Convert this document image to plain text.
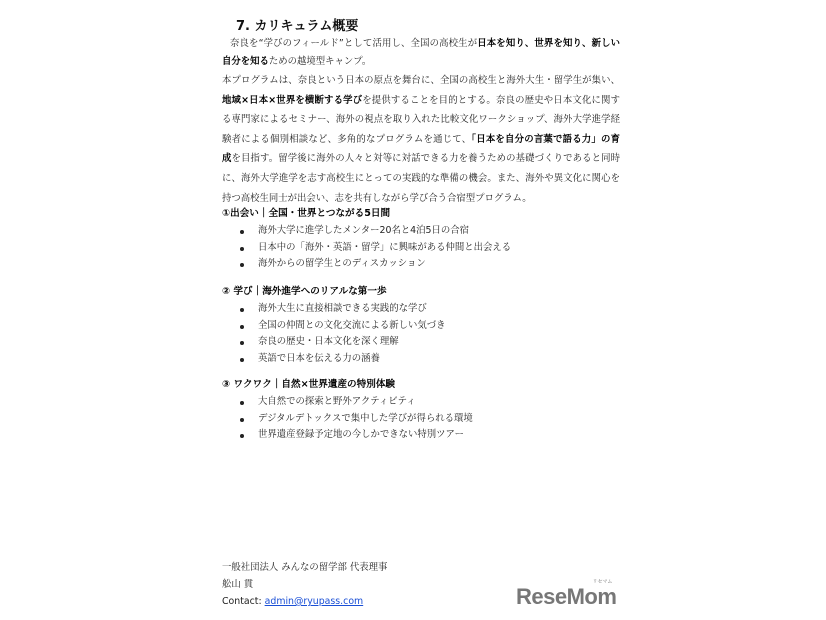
7. カリキュラム概要
奈良を“学びのフィールド”として活用し、全国の高校生が日本を知り、世界を知り、新しい自分を知るための越境型キャンプ。
本プログラムは、奈良という日本の原点を舞台に、全国の高校生と海外大生・留学生が集い、地域×日本×世界を横断する学びを提供することを目的とする。奈良の歴史や日本文化に関する専門家によるセミナー、海外の視点を取り入れた比較文化ワークショップ、海外大学進学経験者による個別相談など、多角的なプログラムを通じて、「日本を自分の言葉で語る力」の育成を目指す。留学後に海外の人々と対等に対話できる力を養うための基礎づくりであると同時に、海外大学進学を志す高校生にとっての実践的な準備の機会。また、海外や異文化に関心を持つ高校生同士が出会い、志を共有しながら学び合う合宿型プログラム。
①出会い｜全国・世界とつながる5日間
海外大学に進学したメンター20名と4泊5日の合宿
日本中の「海外・英語・留学」に興味がある仲間と出会える
海外からの留学生とのディスカッション
② 学び｜海外進学へのリアルな第一歩
海外大生に直接相談できる実践的な学び
全国の仲間との文化交流による新しい気づき
奈良の歴史・日本文化を深く理解
英語で日本を伝える力の涵養
③ ワクワク｜自然×世界遺産の特別体験
大自然での探索と野外アクティビティ
デジタルデトックスで集中した学びが得られる環境
世界遺産登録予定地の今しかできない特別ツアー
一般社団法人 みんなの留学部 代表理事
舩山 貫
Contact: admin@ryupass.com	ReseMom
リセマム
